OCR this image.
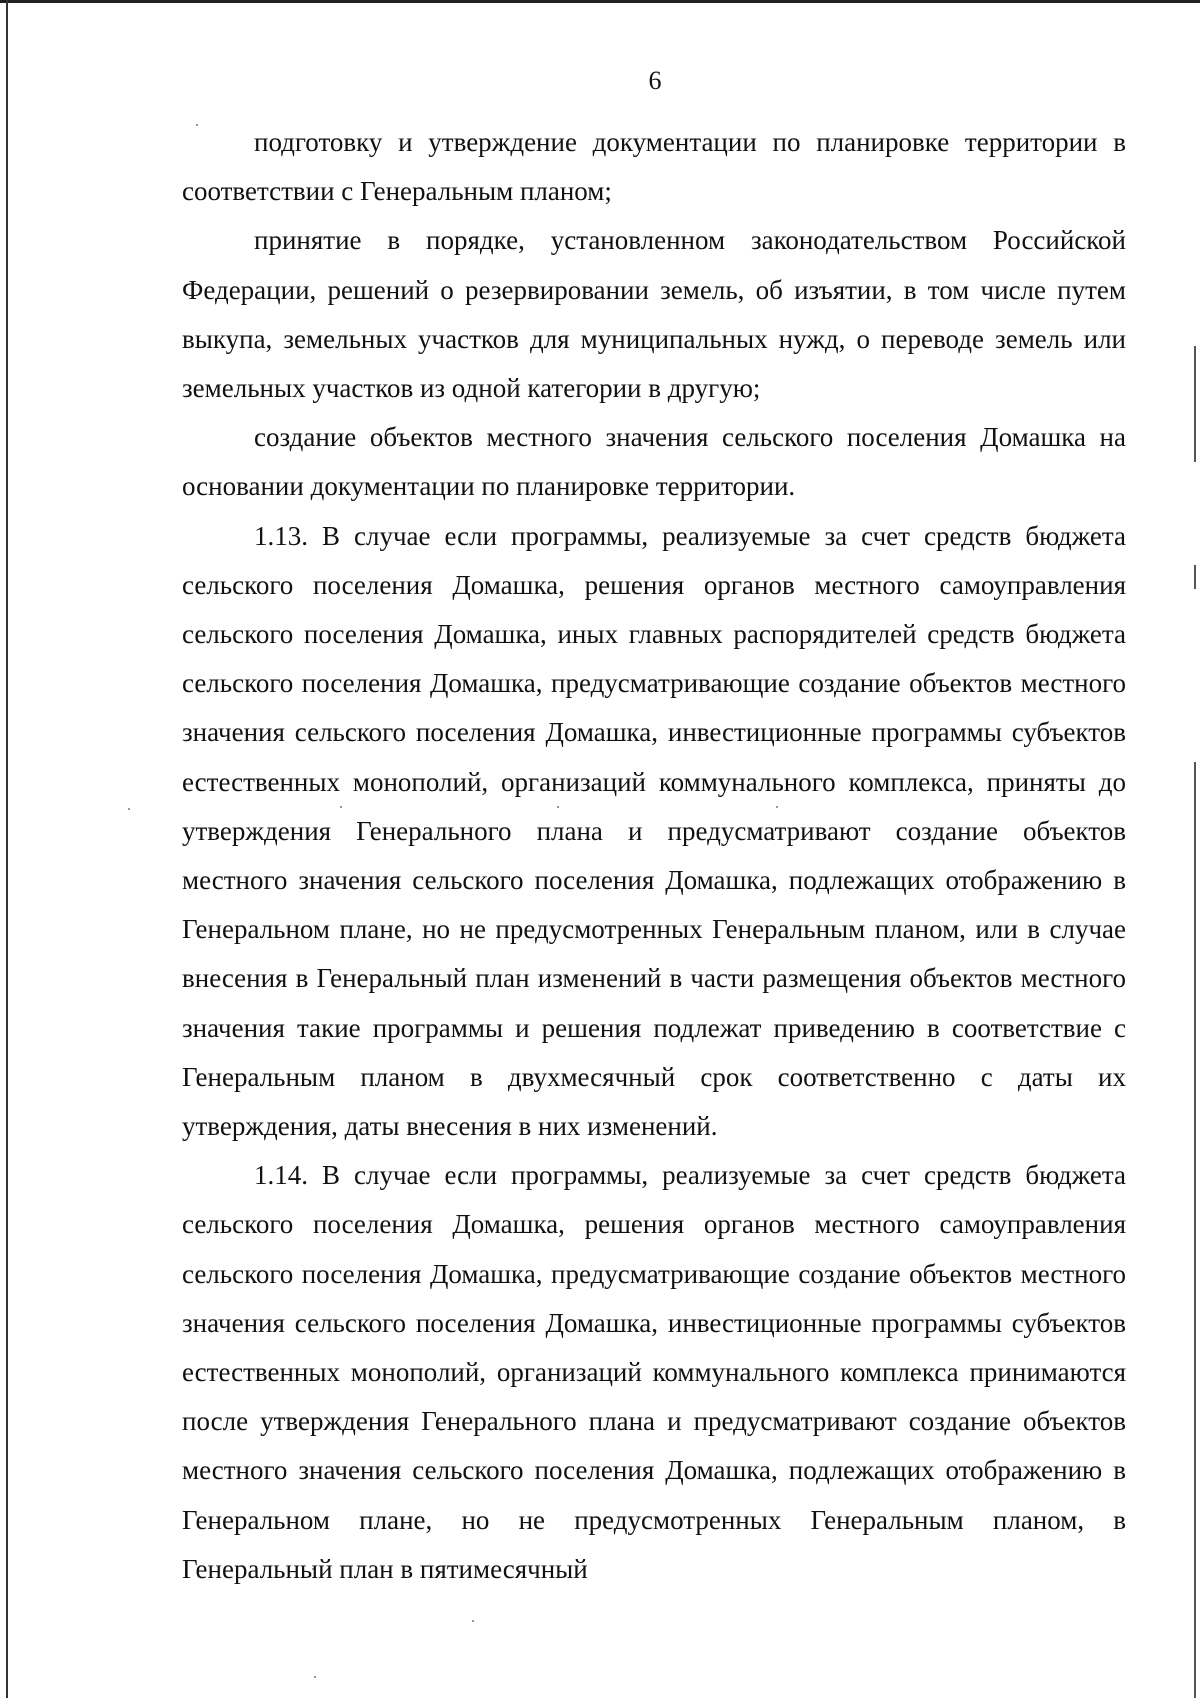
6

подготовку и утверждение документации по планировке территории в соответствии с Генеральным планом;

принятие в порядке, установленном законодательством Российской Федерации, решений о резервировании земель, об изъятии, в том числе путем выкупа, земельных участков для муниципальных нужд, о переводе земель или земельных участков из одной категории в другую;

создание объектов местного значения сельского поселения Домашка на основании документации по планировке территории.

1.13. В случае если программы, реализуемые за счет средств бюджета сельского поселения Домашка, решения органов местного самоуправления сельского поселения Домашка, иных главных распорядителей средств бюджета сельского поселения Домашка, предусматривающие создание объектов местного значения сельского поселения Домашка, инвестиционные программы субъектов естественных монополий, организаций коммунального комплекса, приняты до утверждения Генерального плана и предусматривают создание объектов местного значения сельского поселения Домашка, подлежащих отображению в Генеральном плане, но не предусмотренных Генеральным планом, или в случае внесения в Генеральный план изменений в части размещения объектов местного значения такие программы и решения подлежат приведению в соответствие с Генеральным планом в двухмесячный срок соответственно с даты их утверждения, даты внесения в них изменений.

1.14. В случае если программы, реализуемые за счет средств бюджета сельского поселения Домашка, решения органов местного самоуправления сельского поселения Домашка, предусматривающие создание объектов местного значения сельского поселения Домашка, инвестиционные программы субъектов естественных монополий, организаций коммунального комплекса принимаются после утверждения Генерального плана и предусматривают создание объектов местного значения сельского поселения Домашка, подлежащих отображению в Генеральном плане, но не предусмотренных Генеральным планом, в Генеральный план в пятимесячный
